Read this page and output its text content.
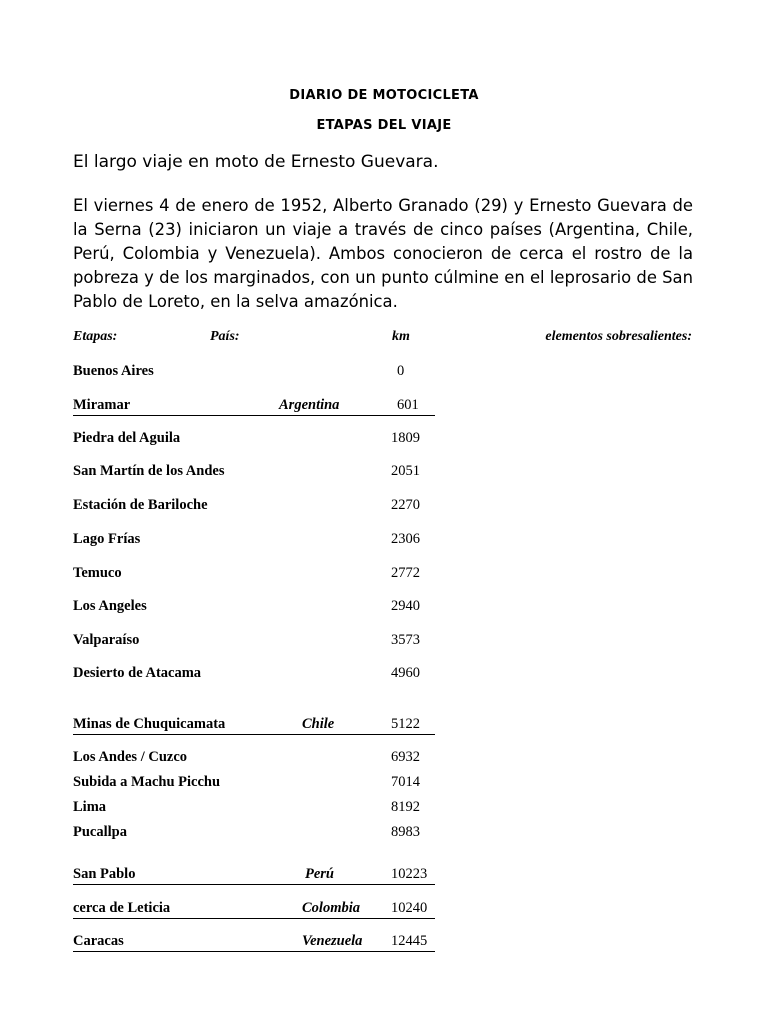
DIARIO DE MOTOCICLETA
ETAPAS DEL VIAJE
El largo viaje en moto de Ernesto Guevara.
El viernes 4 de enero de 1952, Alberto Granado (29) y Ernesto Guevara de la Serna (23) iniciaron un viaje a través de cinco países (Argentina, Chile, Perú, Colombia y Venezuela). Ambos conocieron de cerca el rostro de la pobreza y de los marginados, con un punto cúlmine en el leprosario de San Pablo de Loreto, en la selva amazónica.
Etapas:	País:	km	elementos sobresalientes:
Buenos Aires	0
Miramar	Argentina	601
Piedra del Aguila	1809
San Martín de los Andes	2051
Estación de Bariloche	2270
Lago Frías	2306
Temuco	2772
Los Angeles	2940
Valparaíso	3573
Desierto de Atacama	4960
Minas de Chuquicamata	Chile	5122
Los Andes / Cuzco	6932
Subida a Machu Picchu	7014
Lima	8192
Pucallpa	8983
San Pablo	Perú	10223
cerca de Leticia	Colombia 10240
Caracas	Venezuela 12445
